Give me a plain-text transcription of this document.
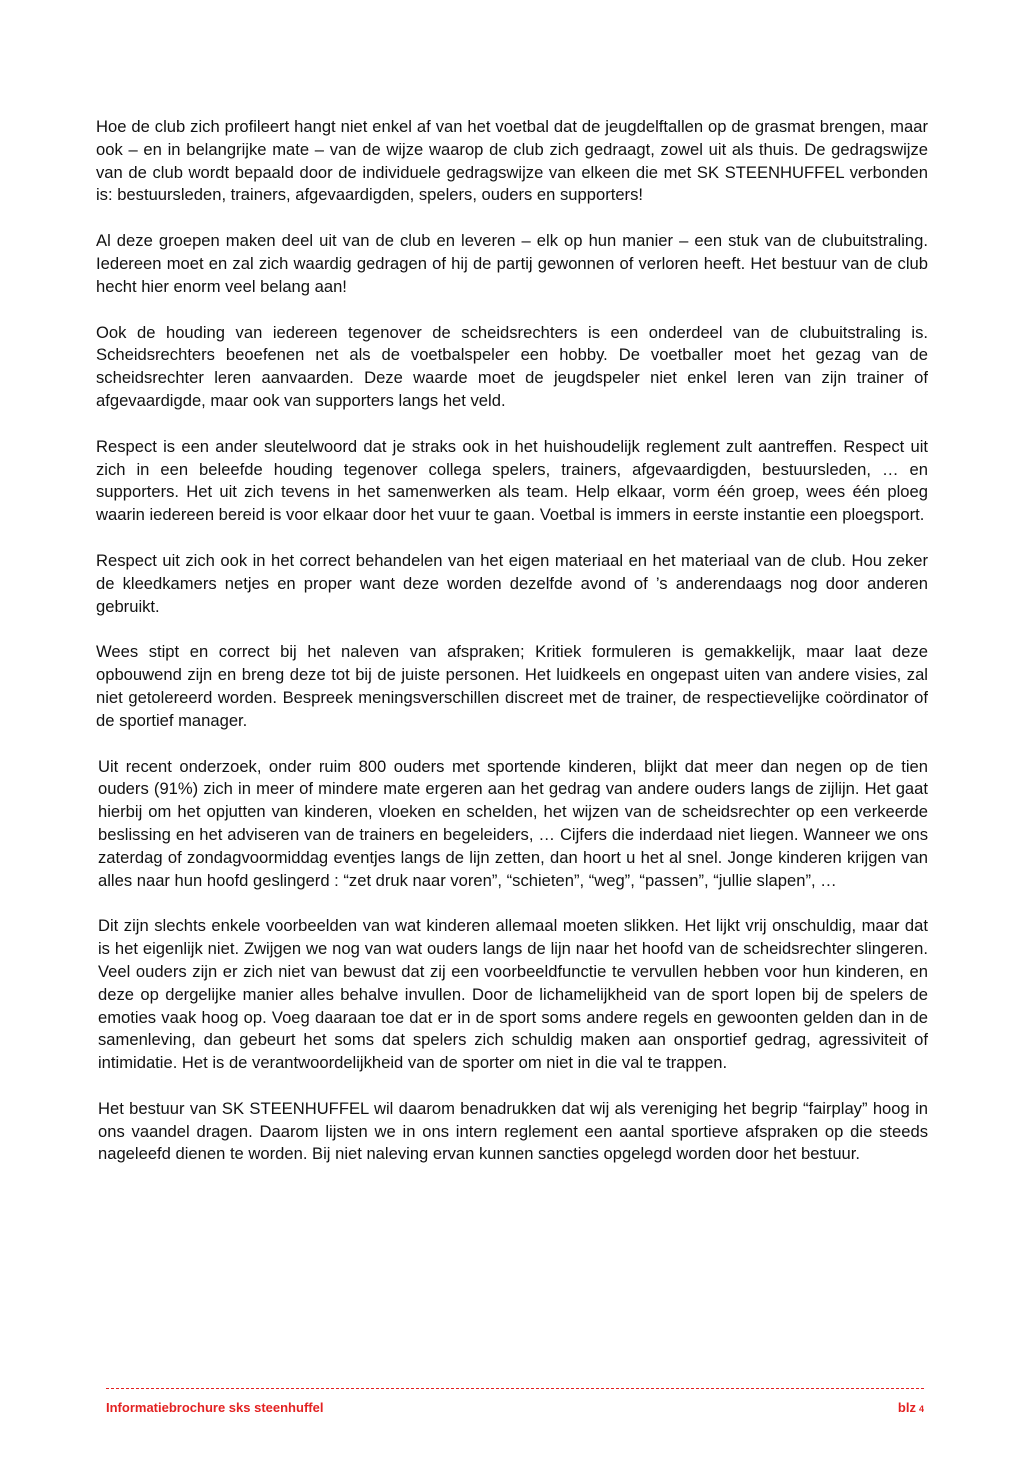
Hoe de club zich profileert hangt niet enkel af van het voetbal dat de jeugdelftallen op de grasmat brengen, maar ook – en in belangrijke mate – van de wijze waarop de club zich gedraagt, zowel uit als thuis. De gedragswijze van de club wordt bepaald door de individuele gedragswijze van elkeen die met SK STEENHUFFEL verbonden is: bestuursleden, trainers, afgevaardigden, spelers, ouders en supporters!

Al deze groepen maken deel uit van de club en leveren – elk op hun manier – een stuk van de clubuitstraling. Iedereen moet en zal zich waardig gedragen of hij de partij gewonnen of verloren heeft. Het bestuur van de club hecht hier enorm veel belang aan!

Ook de houding van iedereen tegenover de scheidsrechters is een onderdeel van de clubuitstraling is. Scheidsrechters beoefenen net als de voetbalspeler een hobby. De voetballer moet het gezag van de scheidsrechter leren aanvaarden. Deze waarde moet de jeugdspeler niet enkel leren van zijn trainer of afgevaardigde, maar ook van supporters langs het veld.

Respect is een ander sleutelwoord dat je straks ook in het huishoudelijk reglement zult aantreffen. Respect uit zich in een beleefde houding tegenover collega spelers, trainers, afgevaardigden, bestuursleden, … en supporters. Het uit zich tevens in het samenwerken als team. Help elkaar, vorm één groep, wees één ploeg waarin iedereen bereid is voor elkaar door het vuur te gaan. Voetbal is immers in eerste instantie een ploegsport.

Respect uit zich ook in het correct behandelen van het eigen materiaal en het materiaal van de club. Hou zeker de kleedkamers netjes en proper want deze worden dezelfde avond of ’s anderendaags nog door anderen gebruikt.

Wees stipt en correct bij het naleven van afspraken; Kritiek formuleren is gemakkelijk, maar laat deze opbouwend zijn en breng deze tot bij de juiste personen. Het luidkeels en ongepast uiten van andere visies, zal niet getolereerd worden. Bespreek meningsverschillen discreet met de trainer, de respectievelijke coördinator of de sportief manager.

Uit recent onderzoek, onder ruim 800 ouders met sportende kinderen, blijkt dat meer dan negen op de tien ouders (91%) zich in meer of mindere mate ergeren aan het gedrag van andere ouders langs de zijlijn. Het gaat hierbij om het opjutten van kinderen, vloeken en schelden, het wijzen van de scheidsrechter op een verkeerde beslissing en het adviseren van de trainers en begeleiders, … Cijfers die inderdaad niet liegen. Wanneer we ons zaterdag of zondagvoormiddag eventjes langs de lijn zetten, dan hoort u het al snel. Jonge kinderen krijgen van alles naar hun hoofd geslingerd : “zet druk naar voren”, “schieten”, “weg”, “passen”, “jullie slapen”, …

Dit zijn slechts enkele voorbeelden van wat kinderen allemaal moeten slikken. Het lijkt vrij onschuldig, maar dat is het eigenlijk niet. Zwijgen we nog van wat ouders langs de lijn naar het hoofd van de scheidsrechter slingeren. Veel ouders zijn er zich niet van bewust dat zij een voorbeeldfunctie te vervullen hebben voor hun kinderen, en deze op dergelijke manier alles behalve invullen. Door de lichamelijkheid van de sport lopen bij de spelers de emoties vaak hoog op. Voeg daaraan toe dat er in de sport soms andere regels en gewoonten gelden dan in de samenleving, dan gebeurt het soms dat spelers zich schuldig maken aan onsportief gedrag, agressiviteit of intimidatie. Het is de verantwoordelijkheid van de sporter om niet in die val te trappen.

Het bestuur van SK STEENHUFFEL wil daarom benadrukken dat wij als vereniging het begrip “fairplay” hoog in ons vaandel dragen. Daarom lijsten we in ons intern reglement een aantal sportieve afspraken op die steeds nageleefd dienen te worden. Bij niet naleving ervan kunnen sancties opgelegd worden door het bestuur.

Informatiebrochure sks steenhuffel	blz 4
